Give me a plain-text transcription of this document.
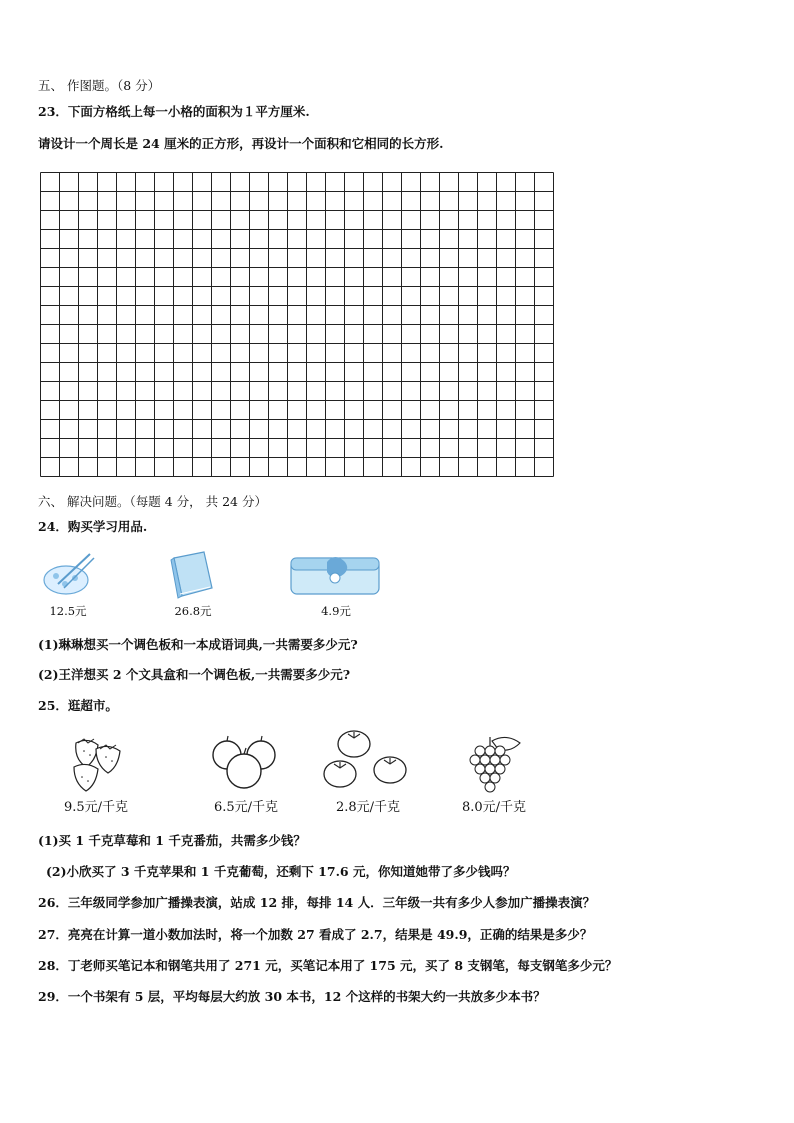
五、 作图题。（8 分）
23．下面方格纸上每一小格的面积为１平方厘米.
请设计一个周长是 24 厘米的正方形，再设计一个面积和它相同的长方形.
六、 解决问题。（每题 4 分， 共 24 分）
24．购买学习用品.
12.5元	26.8元	4.9元
(1)琳琳想买一个调色板和一本成语词典,一共需要多少元?
(2)王洋想买 2 个文具盒和一个调色板,一共需要多少元?
25．逛超市。
9.5元/千克	6.5元/千克	2.8元/千克	8.0元/千克
(1)买 1 千克草莓和 1 千克番茄，共需多少钱？
(2)小欣买了 3 千克苹果和 1 千克葡萄，还剩下 17.6 元，你知道她带了多少钱吗？
26．三年级同学参加广播操表演，站成 12 排，每排 14 人．三年级一共有多少人参加广播操表演？
27．亮亮在计算一道小数加法时，将一个加数 27 看成了 2.7，结果是 49.9，正确的结果是多少？
28．丁老师买笔记本和钢笔共用了 271 元，买笔记本用了 175 元，买了 8 支钢笔，每支钢笔多少元？
29．一个书架有 5 层，平均每层大约放 30 本书，12 个这样的书架大约一共放多少本书？
